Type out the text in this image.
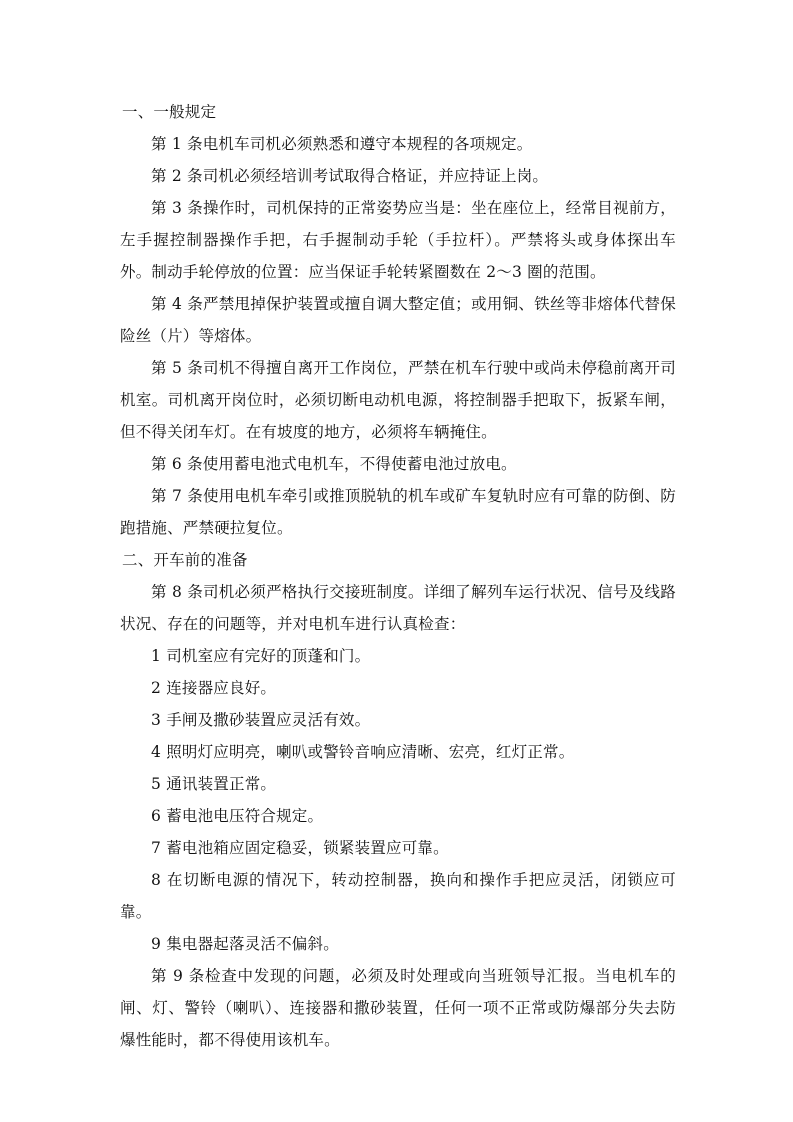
一、一般规定

第 1 条电机车司机必须熟悉和遵守本规程的各项规定。

第 2 条司机必须经培训考试取得合格证，并应持证上岗。

第 3 条操作时，司机保持的正常姿势应当是：坐在座位上，经常目视前方，左手握控制器操作手把，右手握制动手轮（手拉杆）。严禁将头或身体探出车外。制动手轮停放的位置：应当保证手轮转紧圈数在 2～3 圈的范围。

第 4 条严禁甩掉保护装置或擅自调大整定值；或用铜、铁丝等非熔体代替保险丝（片）等熔体。

第 5 条司机不得擅自离开工作岗位，严禁在机车行驶中或尚未停稳前离开司机室。司机离开岗位时，必须切断电动机电源，将控制器手把取下，扳紧车闸，但不得关闭车灯。在有坡度的地方，必须将车辆掩住。

第 6 条使用蓄电池式电机车，不得使蓄电池过放电。

第 7 条使用电机车牵引或推顶脱轨的机车或矿车复轨时应有可靠的防倒、防跑措施、严禁硬拉复位。

二、开车前的准备

第 8 条司机必须严格执行交接班制度。详细了解列车运行状况、信号及线路状况、存在的问题等，并对电机车进行认真检查：

1 司机室应有完好的顶蓬和门。

2 连接器应良好。

3 手闸及撒砂装置应灵活有效。

4 照明灯应明亮，喇叭或警铃音响应清晰、宏亮，红灯正常。

5 通讯装置正常。

6 蓄电池电压符合规定。

7 蓄电池箱应固定稳妥，锁紧装置应可靠。

8 在切断电源的情况下，转动控制器，换向和操作手把应灵活，闭锁应可靠。

9 集电器起落灵活不偏斜。

第 9 条检查中发现的问题，必须及时处理或向当班领导汇报。当电机车的闸、灯、警铃（喇叭）、连接器和撒砂装置，任何一项不正常或防爆部分失去防爆性能时，都不得使用该机车。
